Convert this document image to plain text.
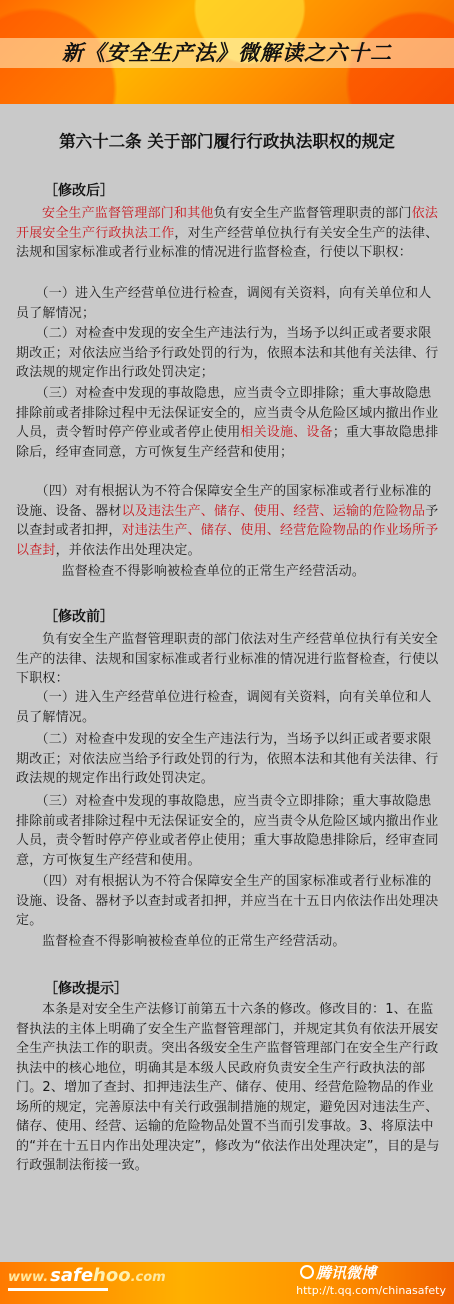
新《安全生产法》微解读之六十二
第六十二条 关于部门履行行政执法职权的规定
［修改后］
安全生产监督管理部门和其他负有安全生产监督管理职责的部门依法开展安全生产行政执法工作，对生产经营单位执行有关安全生产的法律、法规和国家标准或者行业标准的情况进行监督检查，行使以下职权：
（一）进入生产经营单位进行检查，调阅有关资料，向有关单位和人员了解情况；
（二）对检查中发现的安全生产违法行为，当场予以纠正或者要求限期改正；对依法应当给予行政处罚的行为，依照本法和其他有关法律、行政法规的规定作出行政处罚决定；
（三）对检查中发现的事故隐患，应当责令立即排除；重大事故隐患排除前或者排除过程中无法保证安全的，应当责令从危险区域内撤出作业人员，责令暂时停产停业或者停止使用相关设施、设备；重大事故隐患排除后，经审查同意，方可恢复生产经营和使用；
（四）对有根据认为不符合保障安全生产的国家标准或者行业标准的设施、设备、器材以及违法生产、储存、使用、经营、运输的危险物品予以查封或者扣押，对违法生产、储存、使用、经营危险物品的作业场所予以查封，并依法作出处理决定。
监督检查不得影响被检查单位的正常生产经营活动。
［修改前］
负有安全生产监督管理职责的部门依法对生产经营单位执行有关安全生产的法律、法规和国家标准或者行业标准的情况进行监督检查，行使以下职权：
（一）进入生产经营单位进行检查，调阅有关资料，向有关单位和人员了解情况。
（二）对检查中发现的安全生产违法行为，当场予以纠正或者要求限期改正；对依法应当给予行政处罚的行为，依照本法和其他有关法律、行政法规的规定作出行政处罚决定。
（三）对检查中发现的事故隐患，应当责令立即排除；重大事故隐患排除前或者排除过程中无法保证安全的，应当责令从危险区域内撤出作业人员，责令暂时停产停业或者停止使用；重大事故隐患排除后，经审查同意，方可恢复生产经营和使用。
（四）对有根据认为不符合保障安全生产的国家标准或者行业标准的设施、设备、器材予以查封或者扣押，并应当在十五日内依法作出处理决定。
监督检查不得影响被检查单位的正常生产经营活动。
［修改提示］
本条是对安全生产法修订前第五十六条的修改。修改目的：1、在监督执法的主体上明确了安全生产监督管理部门，并规定其负有依法开展安全生产执法工作的职责。突出各级安全生产监督管理部门在安全生产行政执法中的核心地位，明确其是本级人民政府负责安全生产行政执法的部门。2、增加了查封、扣押违法生产、储存、使用、经营危险物品的作业场所的规定，完善原法中有关行政强制措施的规定，避免因对违法生产、储存、使用、经营、运输的危险物品处置不当而引发事故。3、将原法中的“并在十五日内作出处理决定”，修改为“依法作出处理决定”，目的是与行政强制法衔接一致。
www. safehoo.com	腾讯微博
http://t.qq.com/chinasafety
